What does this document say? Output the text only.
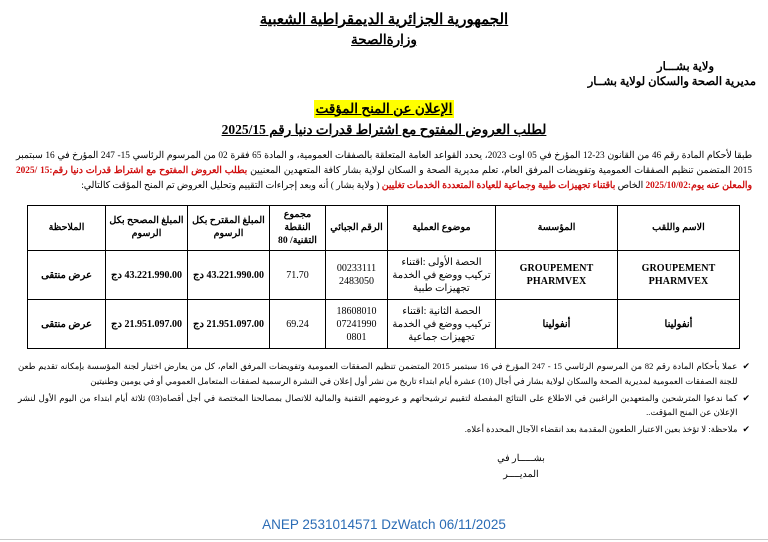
الجمهورية الجزائرية الديمقراطية الشعبية
وزارةالصحة
ولاية بشـــار
مديرية الصحة والسكان لولاية بشــار
الإعلان عن المنح المؤقت
لطلب العروض المفتوح مع اشتراط قدرات دنيا رقم 2025/15
طبقا لأحكام المادة رقم 46 من القانون 23-12 المؤرخ في 05 اوت 2023، يحدد القواعد العامة المتعلقة بالصفقات العمومية، و المادة 65 فقرة 02 من المرسوم الرئاسي 15- 247 المؤرخ في 16 سبتمبر 2015 المتضمن تنظيم الصفقات العمومية وتفويضات المرفق العام، تعلم مديرية الصحة و السكان لولاية بشار كافة المتعهدين المعنيين بطلب العروض المفتوح مع اشتراط قدرات دنيا رقم:15 /2025 والمعلن عنه يوم:2025/10/02 الخاص باقتناء تجهيزات طبية وجماعية للعيادة المتعددة الخدمات تغليين ( ولاية بشار ) أنه وبعد إجراءات التقييم وتحليل العروض تم المنح المؤقت كالتالي:
الاسم واللقب	المؤسسة	موضوع العملية	الرقم الجبائي	مجموع النقطة التقنية/ 80	المبلغ المقترح بكل الرسوم	المبلغ المصحح بكل الرسوم	الملاحظة
GROUPEMENT PHARMVEX	GROUPEMENT PHARMVEX	الحصة الأولى :اقتناء تركيب ووضع في الخدمة تجهيزات طبية	00233111 2483050	71.70	43.221.990.00 دج	43.221.990.00 دج	عرض منتقى
أنفولينا	أنفولينا	الحصة الثانية :اقتناء تركيب ووضع في الخدمة تجهيزات جماعية	18608010 07241990 0801	69.24	21.951.097.00 دج	21.951.097.00 دج	عرض منتقى
✔
عملا بأحكام المادة رقم 82 من المرسوم الرئاسي 15 - 247 المؤرخ في 16 سبتمبر 2015 المتضمن تنظيم الصفقات العمومية وتفويضات المرفق العام، كل من يعارض اختيار لجنة المؤسسة بإمكانه تقديم طعن للجنة الصفقات العمومية لمديرية الصحة والسكان لولاية بشار في أجال (10) عشرة أيام ابتداء تاريخ من نشر أول إعلان في النشرة الرسمية لصفقات المتعامل العمومي أو في يومين وطنيتين
✔
كما ندعوا المترشحين والمتعهدين الراغبين في الاطلاع على النتائج المفصلة لتقييم ترشيحاتهم و عروضهم التقنية والمالية للاتصال بمصالحنا المختصة في أجل أقصاه(03) ثلاثة أيام ابتداء من اليوم الأول لنشر الإعلان عن المنح المؤقت..
✔
ملاحظة: لا تؤخذ بعين الاعتبار الطعون المقدمة بعد انقضاء الآجال المحددة أعلاه.
بشـــــار في
المديــــر
ANEP 2531014571 DzWatch 06/11/2025
